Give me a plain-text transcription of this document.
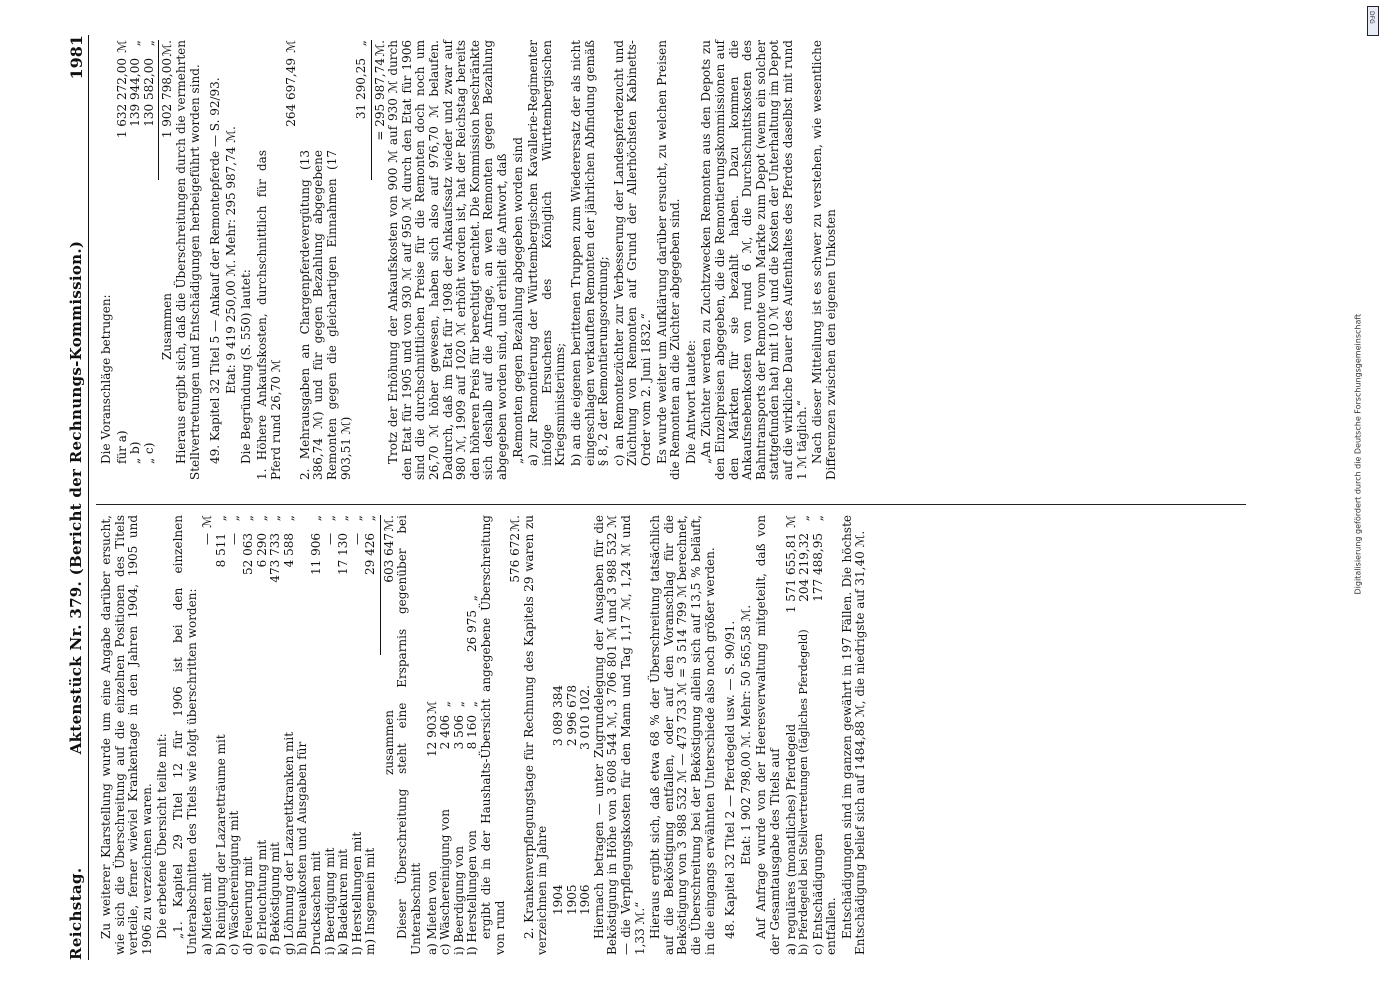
Reichstag.
Aktenstück Nr. 379. (Bericht der Rechnungs-Kommission.)
1981

Zu weiterer Klarstellung wurde um eine Angabe darüber ersucht, wie sich die Überschreitung auf die einzelnen Positionen des Titels verteile, ferner wieviel Krankentage in den Jahren 1904, 1905 und 1906 zu verzeichnen waren. Die erbetene Übersicht teilte mit: „1. Kapitel 29 Titel 12 für 1906 ist bei den einzelnen Unterabschnitten des Titels wie folgt überschritten worden: a) Mieten mit
—
ℳ
b) Reinigung der Lazaretträume mit
8 511
„
c) Wäschereinigung mit
—
„
d) Feuerung mit
52 063
„
e) Erleuchtung mit
6 290
„
f) Beköstigung mit
473 733
„
g) Löhnung der Lazarettkranken mit
4 588
„
h) Bureaukosten und Ausgaben für Drucksachen mit
11 906
„
i) Beerdigung mit
—
„
k) Badekuren mit
17 130
„
l) Herstellungen mit
—
„
m) Insgemein mit
29 426
„
zusammen
603 647
ℳ. Dieser Überschreitung steht eine Ersparnis gegenüber bei Unterabschnitt a) Mieten von
12 903
ℳ
c) Wäschereinigung von
2 406
„
i) Beerdigung von
3 506
„
l) Herstellungen von
8 160
„
26 975
„ ergibt die in der Haushalts-Übersicht angegebene Überschreitung von rund

576 672
ℳ. 2. Krankenverpflegungstage für Rechnung des Kapitels 29 waren zu verzeichnen im Jahre 1904
3 089 384
1905
2 996 678
1906
3 010 102. Hiernach betragen — unter Zugrundelegung der Ausgaben für die Beköstigung in Höhe von 3 608 544 ℳ, 3 706 801 ℳ und 3 988 532 ℳ — die Verpflegungskosten für den Mann und Tag 1,17 ℳ, 1,24 ℳ und 1,33 ℳ.“ Hieraus ergibt sich, daß etwa 68 % der Überschreitung tatsächlich auf die Beköstigung entfallen, oder auf den Voranschlag für die Beköstigung von 3 988 532 ℳ — 473 733 ℳ = 3 514 799 ℳ berechnet, die Überschreitung bei der Beköstigung allein sich auf 13,5 % beläuft, in die eingangs erwähnten Unterschiede also noch größer werden. 48. Kapitel 32 Titel 2 — Pferdegeld usw. — S. 90/91. Etat: 1 902 798,00 ℳ. Mehr: 50 565,58 ℳ. Auf Anfrage wurde von der Heeresverwaltung mitgeteilt, daß von der Gesamtausgabe des Titels auf a) reguläres (monatliches) Pferdegeld
1 571 655,81
ℳ
b) Pferdegeld bei Stellvertretungen (tägliches Pferdegeld)
204 219,32
„
c) Entschädigungen
177 488,95
„

entfallen. Entschädigungen sind im ganzen gewährt in 197 Fällen. Die höchste Entschädigung belief sich auf 1484,88 ℳ, die niedrigste auf 31,40 ℳ.

Die Voranschläge betrugen: für a)
1 632 272,00
ℳ
„ b)
139 944,00
„
„ c)
130 582,00
„
Zusammen
1 902 798,00
ℳ. Hieraus ergibt sich, daß die Überschreitungen durch die vermehrten Stellvertretungen und Entschädigungen herbeigeführt worden sind. 49. Kapitel 32 Titel 5 — Ankauf der Remontepferde — S. 92/93. Etat: 9 419 250,00 ℳ. Mehr: 295 987,74 ℳ. Die Begründung (S. 550) lautet: 1. Höhere Ankaufskosten, durchschnittlich für das Pferd rund 26,70 ℳ

264 697,49
ℳ

2. Mehrausgaben an Chargenpferdevergütung (13 386,74 ℳ) und für gegen Bezahlung abgegebene Remonten gegen die gleichartigen Einnahmen (17 903,51 ℳ)

31 290,25
„
= 295 987,74
ℳ. Trotz der Erhöhung der Ankaufskosten von 900 ℳ auf 930 ℳ durch den Etat für 1905 und von 930 ℳ auf 950 ℳ durch den Etat für 1906 sind die durchschnittlichen Preise für die Remonten doch noch um 26,70 ℳ höher gewesen, haben sich also auf 976,70 ℳ belaufen. Dadurch, daß im Etat für 1908 der Ankaufssatz wieder und zwar auf 980 ℳ, 1909 auf 1020 ℳ erhöht worden ist, hat der Reichstag bereits den höheren Preis für berechtigt erachtet. Die Kommission beschränkte sich deshalb auf die Anfrage, an wen Remonten gegen Bezahlung abgegeben worden sind, und erhielt die Antwort, daß „Remonten gegen Bezahlung abgegeben worden sind a) zur Remontierung der Württembergischen Kavallerie-Regimenter infolge Ersuchens des Königlich Württembergischen Kriegsministeriums; b) an die eigenen berittenen Truppen zum Wiederersatz der als nicht eingeschlagen verkauften Remonten der jährlichen Abfindung gemäß § 8, 2 der Remontierungsordnung; c) an Remontezüchter zur Verbesserung der Landespferdezucht und Züchtung von Remonten auf Grund der Allerhöchsten Kabinetts-Order vom 2. Juni 1832.“ Es wurde weiter um Aufklärung darüber ersucht, zu welchen Preisen die Remonten an die Züchter abgegeben sind. Die Antwort lautete: „An Züchter werden zu Zuchtzwecken Remonten aus den Depots zu den Einzelpreisen abgegeben, die die Remontierungskommissionen auf den Märkten für sie bezahlt haben. Dazu kommen die Ankaufsnebenkosten von rund 6 ℳ, die Durchschnittskosten des Bahntransports der Remonte vom Markte zum Depot (wenn ein solcher stattgefunden hat) mit 10 ℳ und die Kosten der Unterhaltung im Depot auf die wirkliche Dauer des Aufenthaltes des Pferdes daselbst mit rund 1 ℳ täglich.“ Nach dieser Mitteilung ist es schwer zu verstehen, wie wesentliche Differenzen zwischen den eigenen Unkosten

DFG
Digitalisierung gefördert durch die Deutsche Forschungsgemeinschaft
